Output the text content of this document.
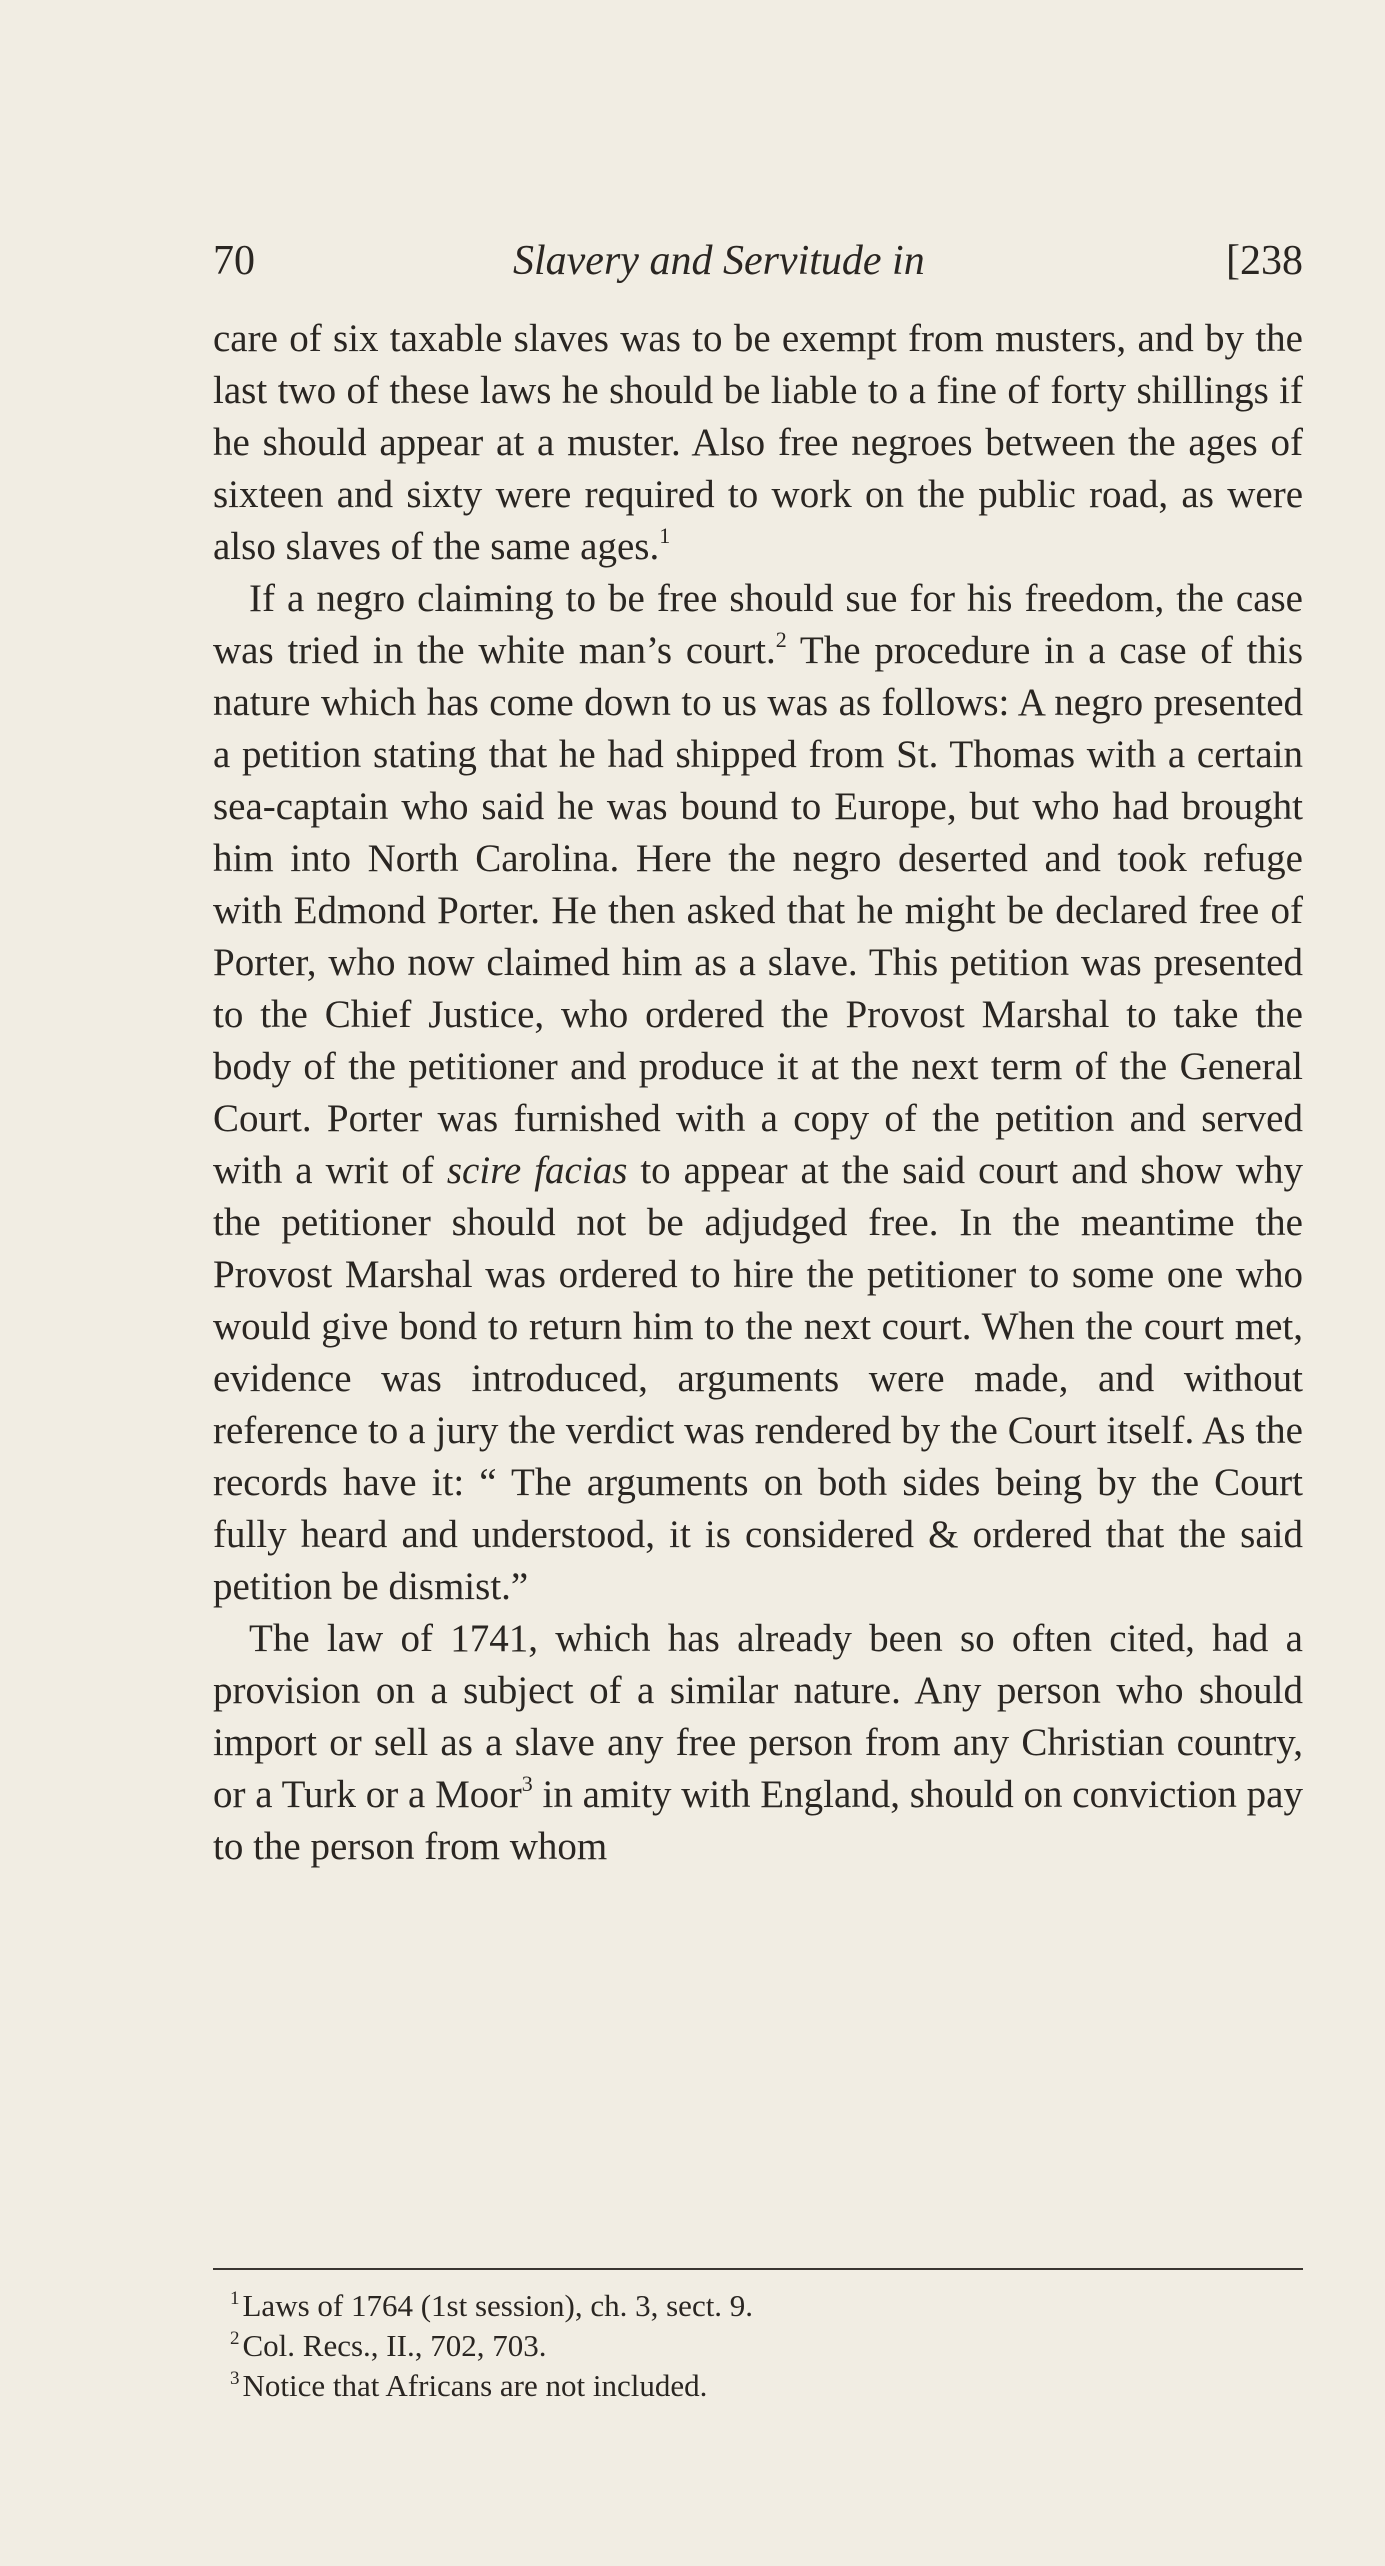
70	Slavery and Servitude in	[238

care of six taxable slaves was to be exempt from musters, and by the last two of these laws he should be liable to a fine of forty shillings if he should appear at a muster. Also free negroes between the ages of sixteen and sixty were required to work on the public road, as were also slaves of the same ages.$^1$

If a negro claiming to be free should sue for his freedom, the case was tried in the white man’s court.$^2$ The procedure in a case of this nature which has come down to us was as follows: A negro presented a petition stating that he had shipped from St. Thomas with a certain sea-captain who said he was bound to Europe, but who had brought him into North Carolina. Here the negro deserted and took refuge with Edmond Porter. He then asked that he might be declared free of Porter, who now claimed him as a slave. This petition was presented to the Chief Justice, who ordered the Provost Marshal to take the body of the petitioner and produce it at the next term of the General Court. Porter was furnished with a copy of the petition and served with a writ of scire facias to appear at the said court and show why the petitioner should not be adjudged free. In the meantime the Provost Marshal was ordered to hire the petitioner to some one who would give bond to return him to the next court. When the court met, evidence was introduced, arguments were made, and without reference to a jury the verdict was rendered by the Court itself. As the records have it: “ The arguments on both sides being by the Court fully heard and understood, it is considered & ordered that the said petition be dismist.”

The law of 1741, which has already been so often cited, had a provision on a subject of a similar nature. Any person who should import or sell as a slave any free person from any Christian country, or a Turk or a Moor$^3$ in amity with England, should on conviction pay to the person from whom

$^1$Laws of 1764 (1st session), ch. 3, sect. 9.

$^2$Col. Recs., II., 702, 703.

$^3$Notice that Africans are not included.
